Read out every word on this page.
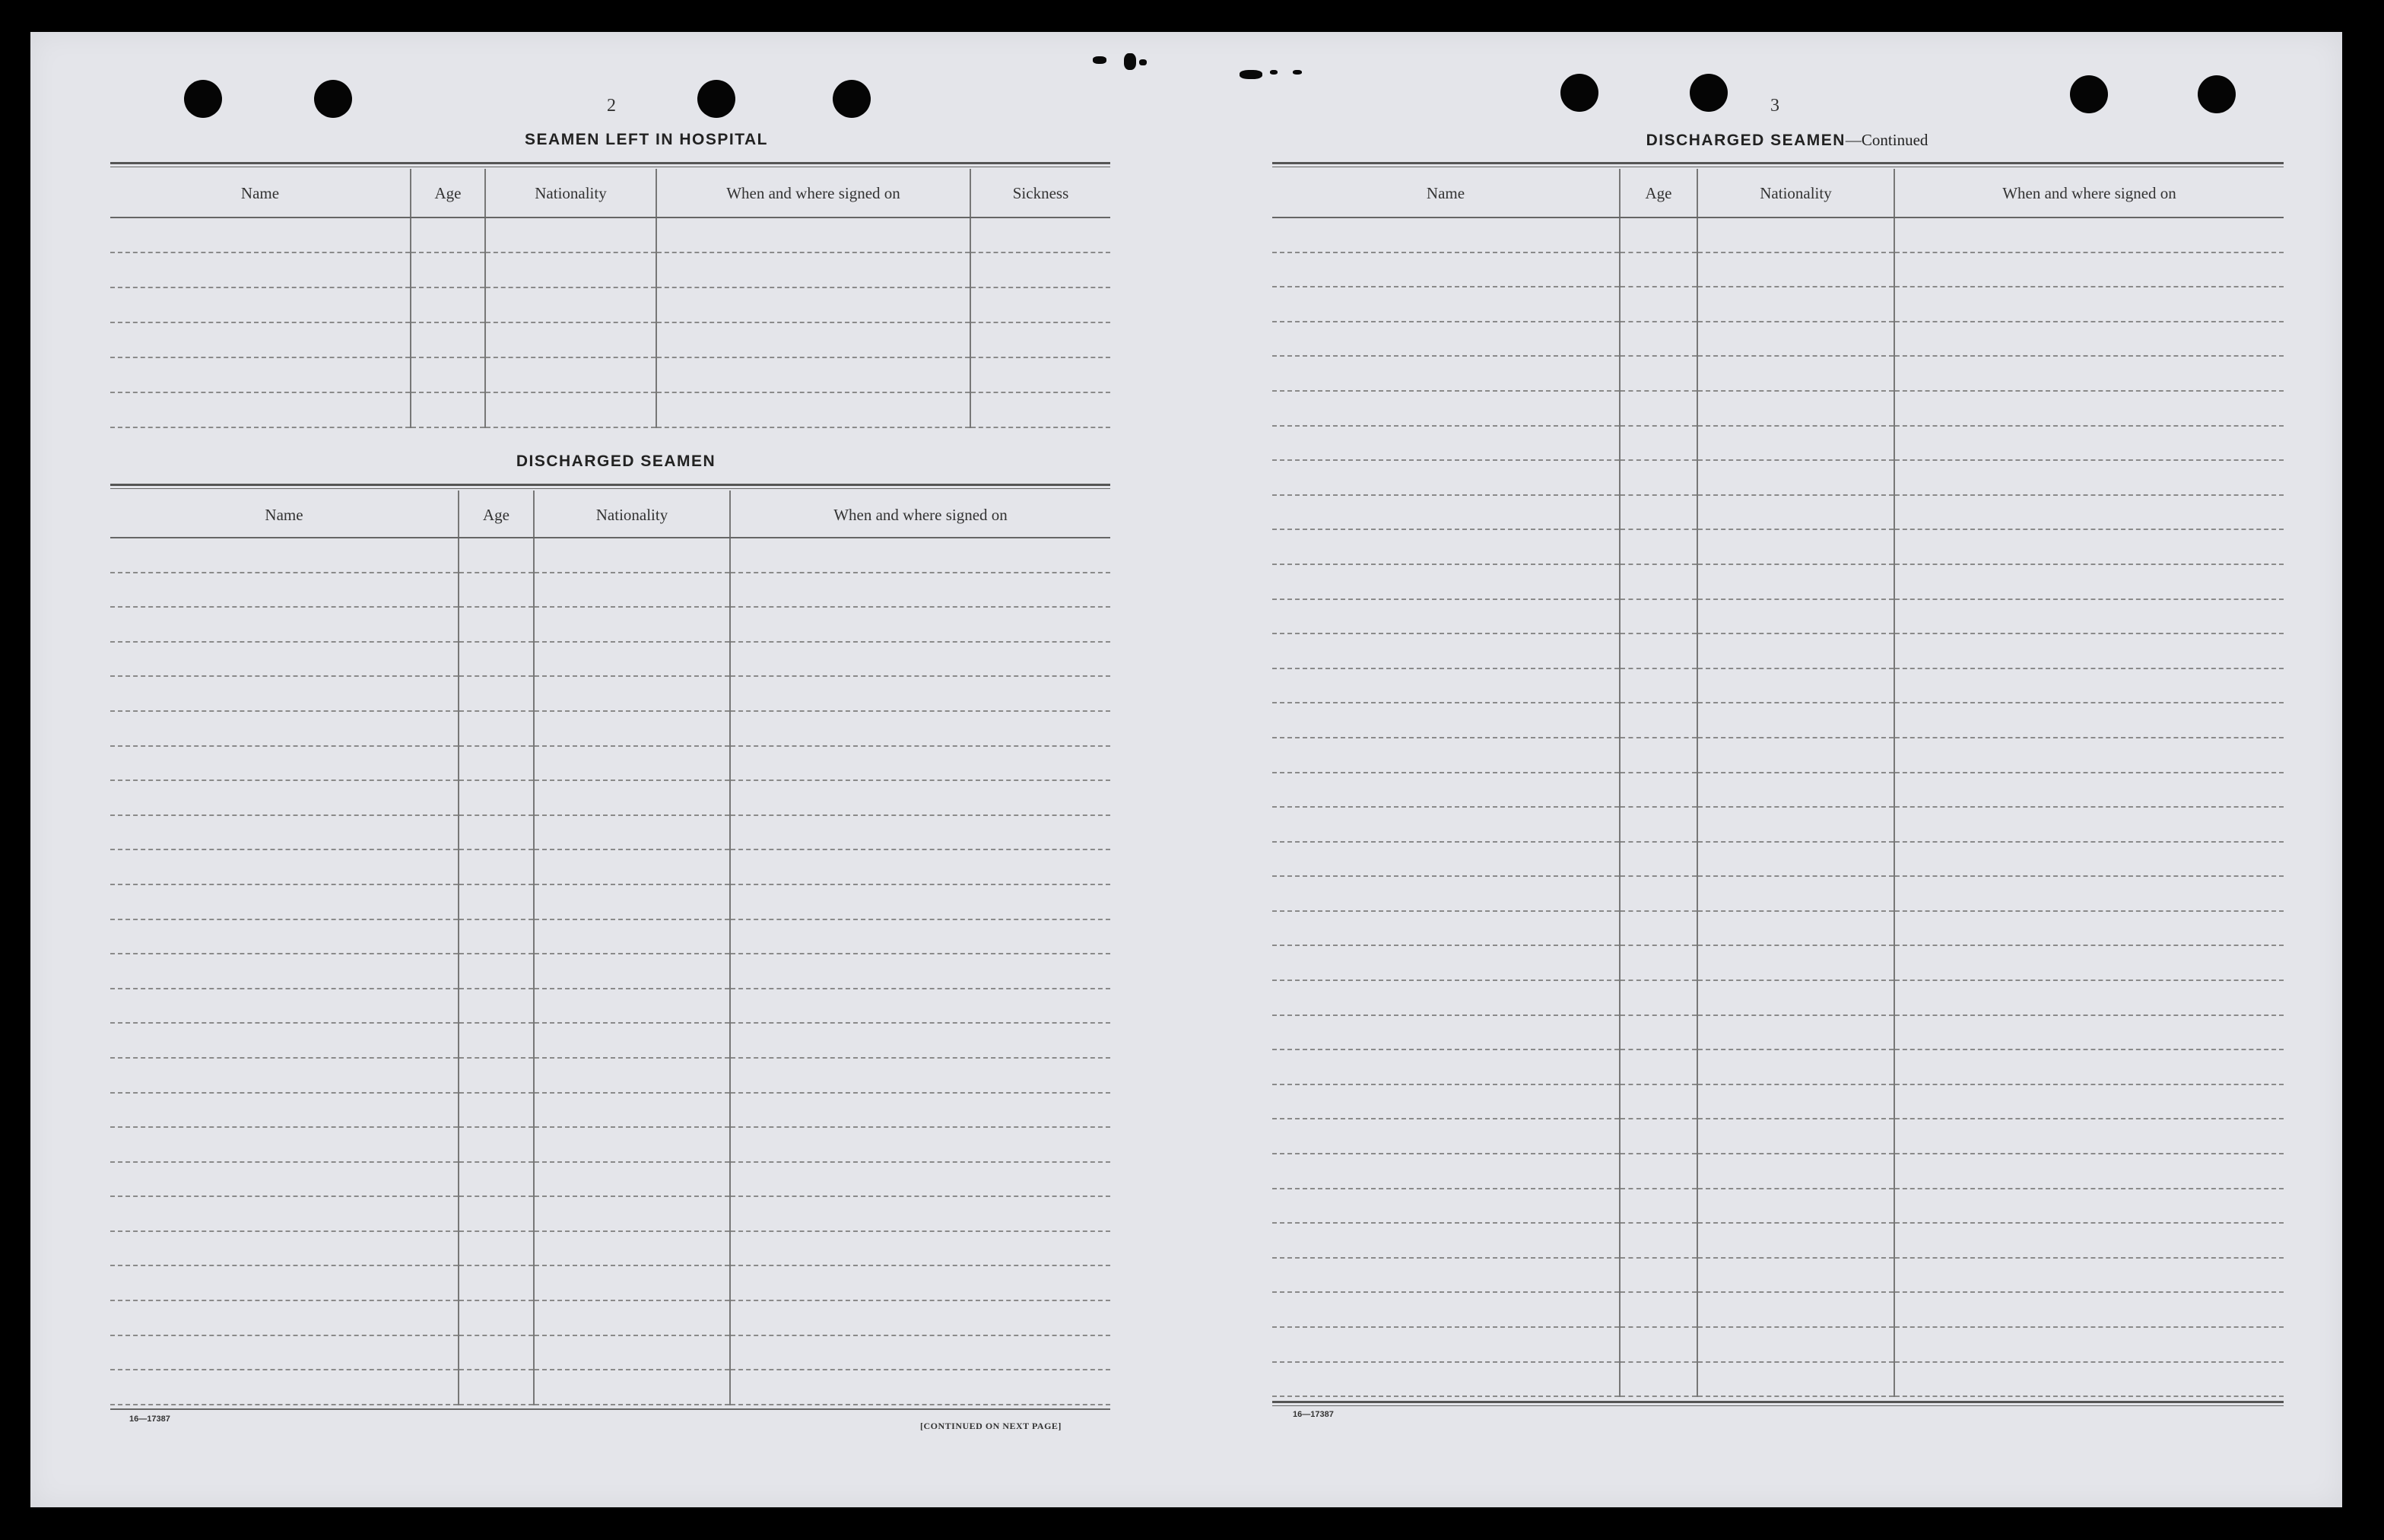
2
SEAMEN LEFT IN HOSPITAL
Name	Age	Nationality	When and where signed on	Sickness

DISCHARGED SEAMEN
Name	Age	Nationality	When and where signed on

16—17387
[CONTINUED ON NEXT PAGE]
3
DISCHARGED SEAMEN—Continued
Name	Age	Nationality	When and where signed on

16—17387
